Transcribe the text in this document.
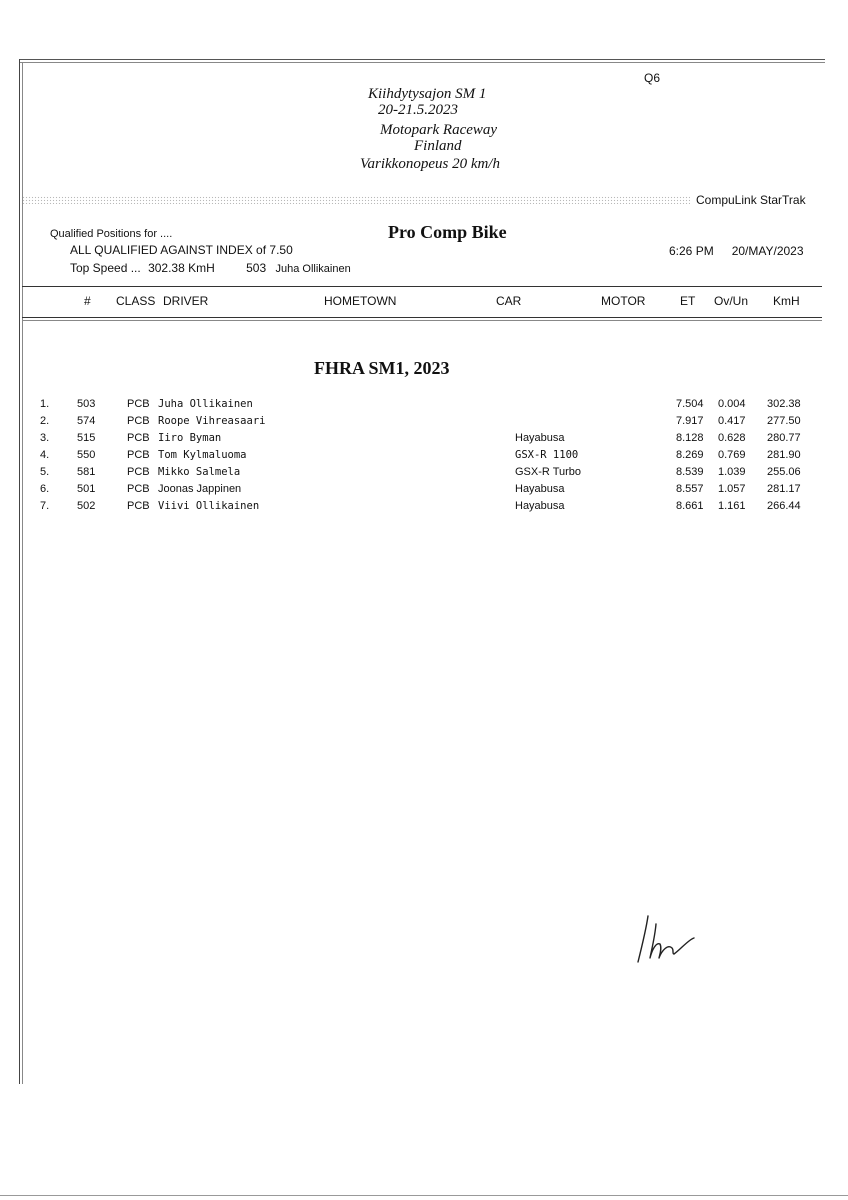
Q6
Kiihdytysajon SM 1
20-21.5.2023
Motopark Raceway
Finland
Varikkonopeus 20 km/h
CompuLink StarTrak
Qualified Positions for ....	Pro Comp Bike
ALL QUALIFIED AGAINST INDEX of 7.50	6:26 PM 20/MAY/2023
Top Speed ... 302.38 KmH	503 Juha Ollikainen
# CLASS DRIVER	HOMETOWN	CAR	MOTOR	ET Ov/Un KmH
FHRA SM1, 2023
1.	503	PCB Juha Ollikainen	7.504 0.004 302.38
2.	574	PCB Roope Vihreasaari	7.917 0.417 277.50
3.	515	PCB Iiro Byman	Hayabusa	8.128 0.628 280.77
4.	550	PCB Tom Kylmaluoma	GSX-R 1100	8.269 0.769 281.90
5.	581	PCB Mikko Salmela	GSX-R Turbo	8.539 1.039 255.06
6.	501	PCB Joonas Jappinen	Hayabusa	8.557 1.057 281.17
7.	502	PCB Viivi Ollikainen	Hayabusa	8.661 1.161 266.44
